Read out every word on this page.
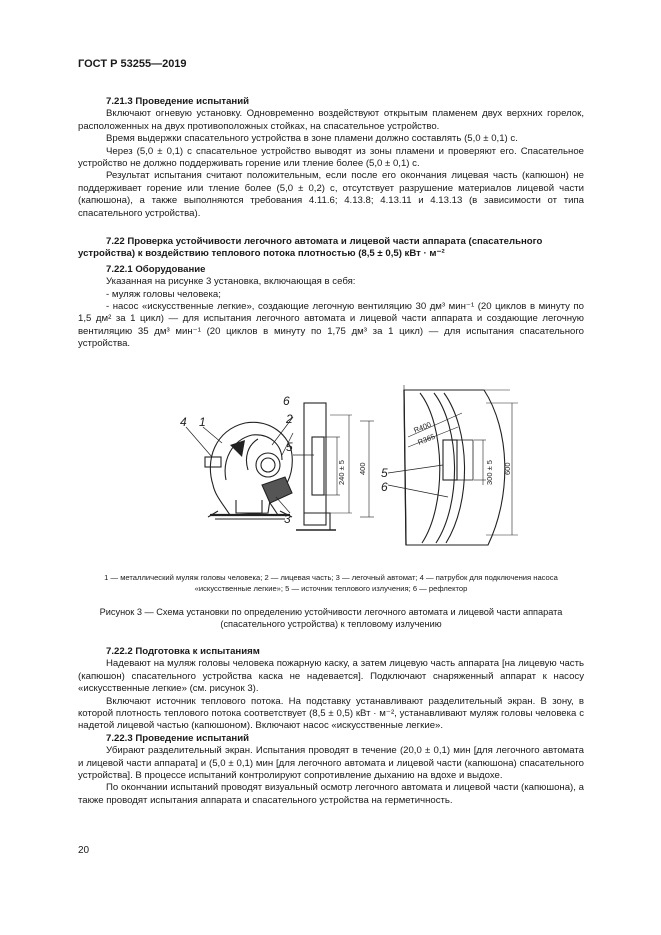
ГОСТ Р 53255—2019

7.21.3 Проведение испытаний

Включают огневую установку. Одновременно воздействуют открытым пламенем двух верхних горелок, расположенных на двух противоположных стойках, на спасательное устройство.

Время выдержки спасательного устройства в зоне пламени должно составлять (5,0 ± 0,1) с.

Через (5,0 ± 0,1) с спасательное устройство выводят из зоны пламени и проверяют его. Спасательное устройство не должно поддерживать горение или тление более (5,0 ± 0,1) с.

Результат испытания считают положительным, если после его окончания лицевая часть (капюшон) не поддерживает горение или тление более (5,0 ± 0,2) с, отсутствует разрушение материалов лицевой части (капюшона), а также выполняются требования 4.11.6; 4.13.8; 4.13.11 и 4.13.13 (в зависимости от типа спасательного устройства).

7.22 Проверка устойчивости легочного автомата и лицевой части аппарата (спасательного устройства) к воздействию теплового потока плотностью (8,5 ± 0,5) кВт · м⁻²

7.22.1 Оборудование

Указанная на рисунке 3 установка, включающая в себя:

- муляж головы человека;

- насос «искусственные легкие», создающие легочную вентиляцию 30 дм³ мин⁻¹ (20 циклов в минуту по 1,5 дм² за 1 цикл) — для испытания легочного автомата и лицевой части аппарата и создающие легочную вентиляцию 35 дм³ мин⁻¹ (20 циклов в минуту по 1,75 дм³ за 1 цикл) — для испытания спасательного устройства.

4 1
6
2
5
3
5
6
240 ± 5 400	300 ± 5 600
R400
R365
1 — металлический муляж головы человека; 2 — лицевая часть; 3 — легочный автомат; 4 — патрубок для подключения насоса «искусственные легкие»; 5 — источник теплового излучения; 6 — рефлектор
Рисунок 3 — Схема установки по определению устойчивости легочного автомата и лицевой части аппарата (спасательного устройства) к тепловому излучению

7.22.2 Подготовка к испытаниям

Надевают на муляж головы человека пожарную каску, а затем лицевую часть аппарата [на лицевую часть (капюшон) спасательного устройства каска не надевается]. Подключают снаряженный аппарат к насосу «искусственные легкие» (см. рисунок 3).

Включают источник теплового потока. На подставку устанавливают разделительный экран. В зону, в которой плотность теплового потока соответствует (8,5 ± 0,5) кВт · м⁻², устанавливают муляж головы человека с надетой лицевой частью (капюшоном). Включают насос «искусственные легкие».

7.22.3 Проведение испытаний

Убирают разделительный экран. Испытания проводят в течение (20,0 ± 0,1) мин [для легочного автомата и лицевой части аппарата] и (5,0 ± 0,1) мин [для легочного автомата и лицевой части (капюшона) спасательного устройства]. В процессе испытаний контролируют сопротивление дыханию на вдохе и выдохе.

По окончании испытаний проводят визуальный осмотр легочного автомата и лицевой части (капюшона), а также проводят испытания аппарата и спасательного устройства на герметичность.

20
